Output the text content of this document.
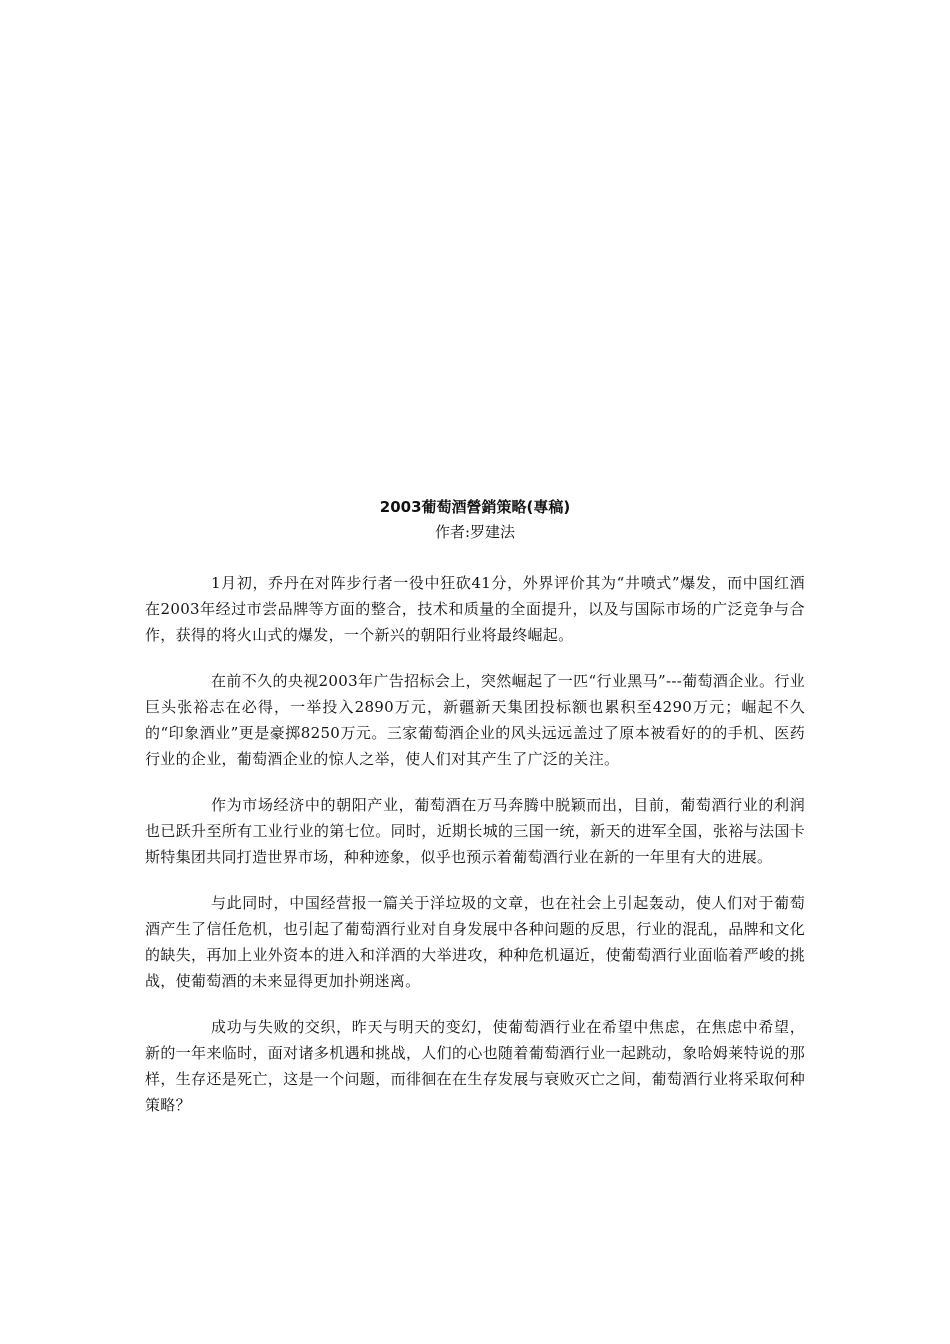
2003葡萄酒營銷策略(專稿)
作者:罗建法

1月初，乔丹在对阵步行者一役中狂砍41分，外界评价其为“井喷式”爆发，而中国红酒在2003年经过市尝品牌等方面的整合，技术和质量的全面提升，以及与国际市场的广泛竞争与合作，获得的将火山式的爆发，一个新兴的朝阳行业将最终崛起。

在前不久的央视2003年广告招标会上，突然崛起了一匹“行业黑马”---葡萄酒企业。行业巨头张裕志在必得，一举投入2890万元，新疆新天集团投标额也累积至4290万元；崛起不久的“印象酒业”更是豪掷8250万元。三家葡萄酒企业的风头远远盖过了原本被看好的的手机、医药行业的企业，葡萄酒企业的惊人之举，使人们对其产生了广泛的关注。

作为市场经济中的朝阳产业，葡萄酒在万马奔腾中脱颖而出，目前，葡萄酒行业的利润也已跃升至所有工业行业的第七位。同时，近期长城的三国一统，新天的进军全国，张裕与法国卡斯特集团共同打造世界市场，种种迹象，似乎也预示着葡萄酒行业在新的一年里有大的进展。

与此同时，中国经营报一篇关于洋垃圾的文章，也在社会上引起轰动，使人们对于葡萄酒产生了信任危机，也引起了葡萄酒行业对自身发展中各种问题的反思，行业的混乱，品牌和文化的缺失，再加上业外资本的进入和洋酒的大举进攻，种种危机逼近，使葡萄酒行业面临着严峻的挑战，使葡萄酒的未来显得更加扑朔迷离。

成功与失败的交织，昨天与明天的变幻，使葡萄酒行业在希望中焦虑，在焦虑中希望，新的一年来临时，面对诸多机遇和挑战，人们的心也随着葡萄酒行业一起跳动，象哈姆莱特说的那样，生存还是死亡，这是一个问题，而徘徊在在生存发展与衰败灭亡之间，葡萄酒行业将采取何种策略？
